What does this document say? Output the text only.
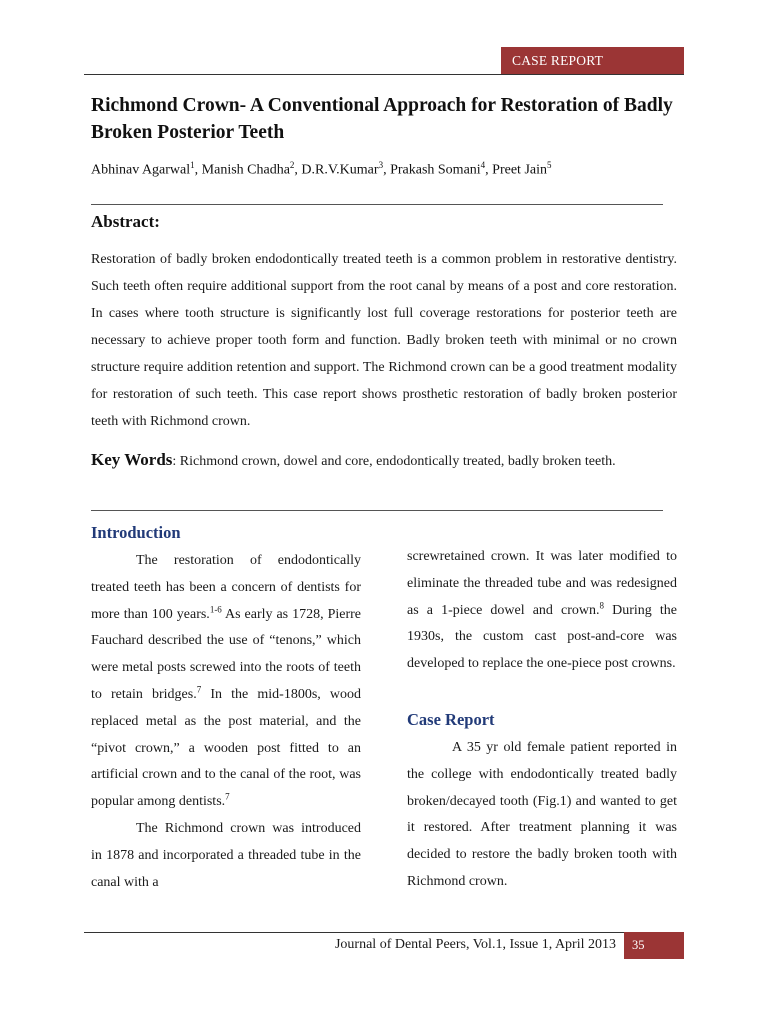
CASE REPORT
Richmond Crown- A Conventional Approach for Restoration of Badly Broken Posterior Teeth
Abhinav Agarwal$^1$, Manish Chadha$^2$, D.R.V.Kumar$^3$, Prakash Somani$^4$, Preet Jain$^5$
Abstract:

Restoration of badly broken endodontically treated teeth is a common problem in restorative dentistry. Such teeth often require additional support from the root canal by means of a post and core restoration. In cases where tooth structure is significantly lost full coverage restorations for posterior teeth are necessary to achieve proper tooth form and function. Badly broken teeth with minimal or no crown structure require addition retention and support. The Richmond crown can be a good treatment modality for restoration of such teeth. This case report shows prosthetic restoration of badly broken posterior teeth with Richmond crown.

Key Words: Richmond crown, dowel and core, endodontically treated, badly broken teeth.

Introduction

The restoration of endodontically treated teeth has been a concern of dentists for more than 100 years.$^{1-6}$ As early as 1728, Pierre Fauchard described the use of “tenons,” which were metal posts screwed into the roots of teeth to retain bridges.$^7$ In the mid-1800s, wood replaced metal as the post material, and the “pivot crown,” a wooden post fitted to an artificial crown and to the canal of the root, was popular among dentists.$^7$

The Richmond crown was introduced in 1878 and incorporated a threaded tube in the canal with a

screwretained crown. It was later modified to eliminate the threaded tube and was redesigned as a 1-piece dowel and crown.$^8$ During the 1930s, the custom cast post-and-core was developed to replace the one-piece post crowns.

Case Report

A 35 yr old female patient reported in the college with endodontically treated badly broken/decayed tooth (Fig.1) and wanted to get it restored. After treatment planning it was decided to restore the badly broken tooth with Richmond crown.

Journal of Dental Peers, Vol.1, Issue 1, April 2013	35
